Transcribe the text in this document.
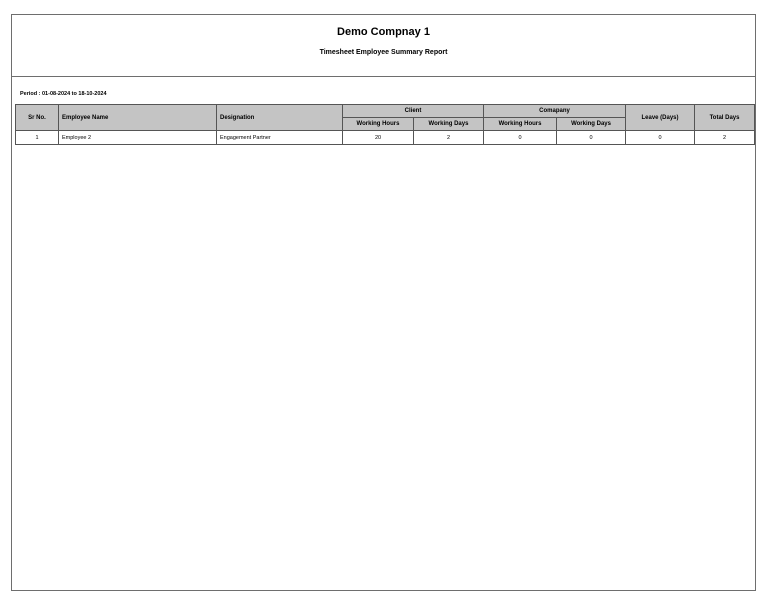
Demo Compnay 1
Timesheet Employee Summary Report
Period : 01-08-2024 to 18-10-2024
Sr No.	Employee Name	Designation	Client		Comapany		Leave (Days)	Total Days
			Working Hours	Working Days	Working Hours	Working Days		
1	Employee 2	Engagement Partner	20	2	0	0	0	2
